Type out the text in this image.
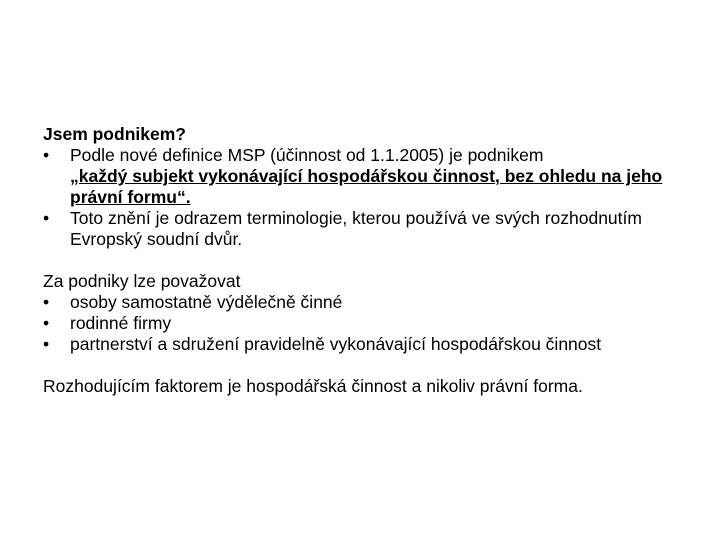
Jsem podnikem?

• Podle nové definice MSP (účinnost od 1.1.2005) je podnikem
„každý subjekt vykonávající hospodářskou činnost, bez ohledu na jeho právní formu“.
• Toto znění je odrazem terminologie, kterou používá ve svých rozhodnutím Evropský soudní dvůr.

Za podniky lze považovat

• osoby samostatně výdělečně činné
• rodinné firmy
• partnerství a sdružení pravidelně vykonávající hospodářskou činnost

Rozhodujícím faktorem je hospodářská činnost a nikoliv právní forma.
